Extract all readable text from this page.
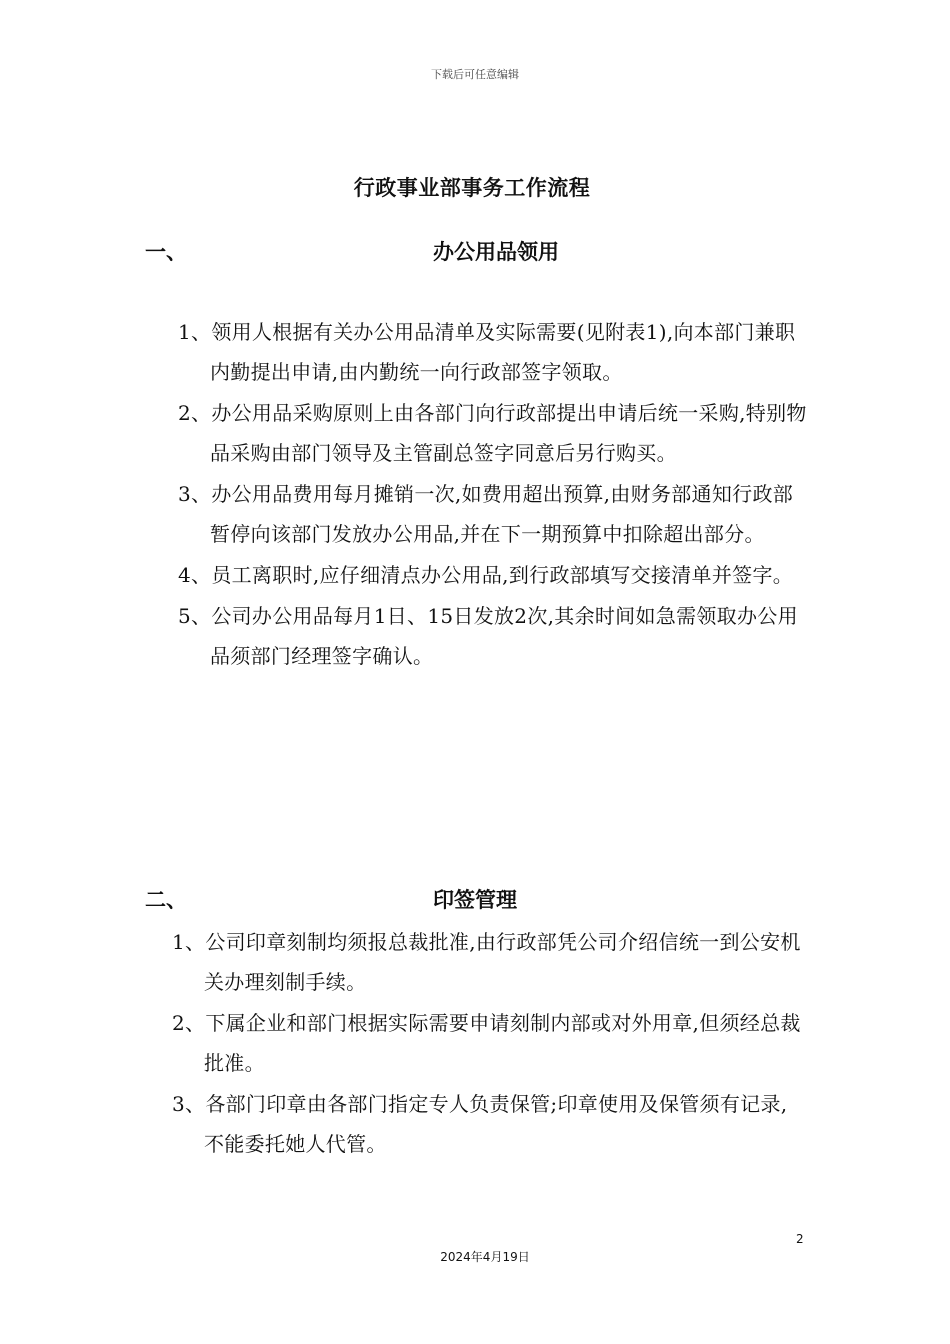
下载后可任意编辑
行政事业部事务工作流程
一、	办公用品领用
1、领用人根据有关办公用品清单及实际需要(见附表1),向本部门兼职内勤提出申请,由内勤统一向行政部签字领取。
2、办公用品采购原则上由各部门向行政部提出申请后统一采购,特别物品采购由部门领导及主管副总签字同意后另行购买。
3、办公用品费用每月摊销一次,如费用超出预算,由财务部通知行政部暂停向该部门发放办公用品,并在下一期预算中扣除超出部分。
4、员工离职时,应仔细清点办公用品,到行政部填写交接清单并签字。
5、公司办公用品每月1日、15日发放2次,其余时间如急需领取办公用品须部门经理签字确认。
二、	印签管理
1、公司印章刻制均须报总裁批准,由行政部凭公司介绍信统一到公安机关办理刻制手续。
2、下属企业和部门根据实际需要申请刻制内部或对外用章,但须经总裁批准。
3、各部门印章由各部门指定专人负责保管;印章使用及保管须有记录,不能委托她人代管。
2
2024年4月19日
